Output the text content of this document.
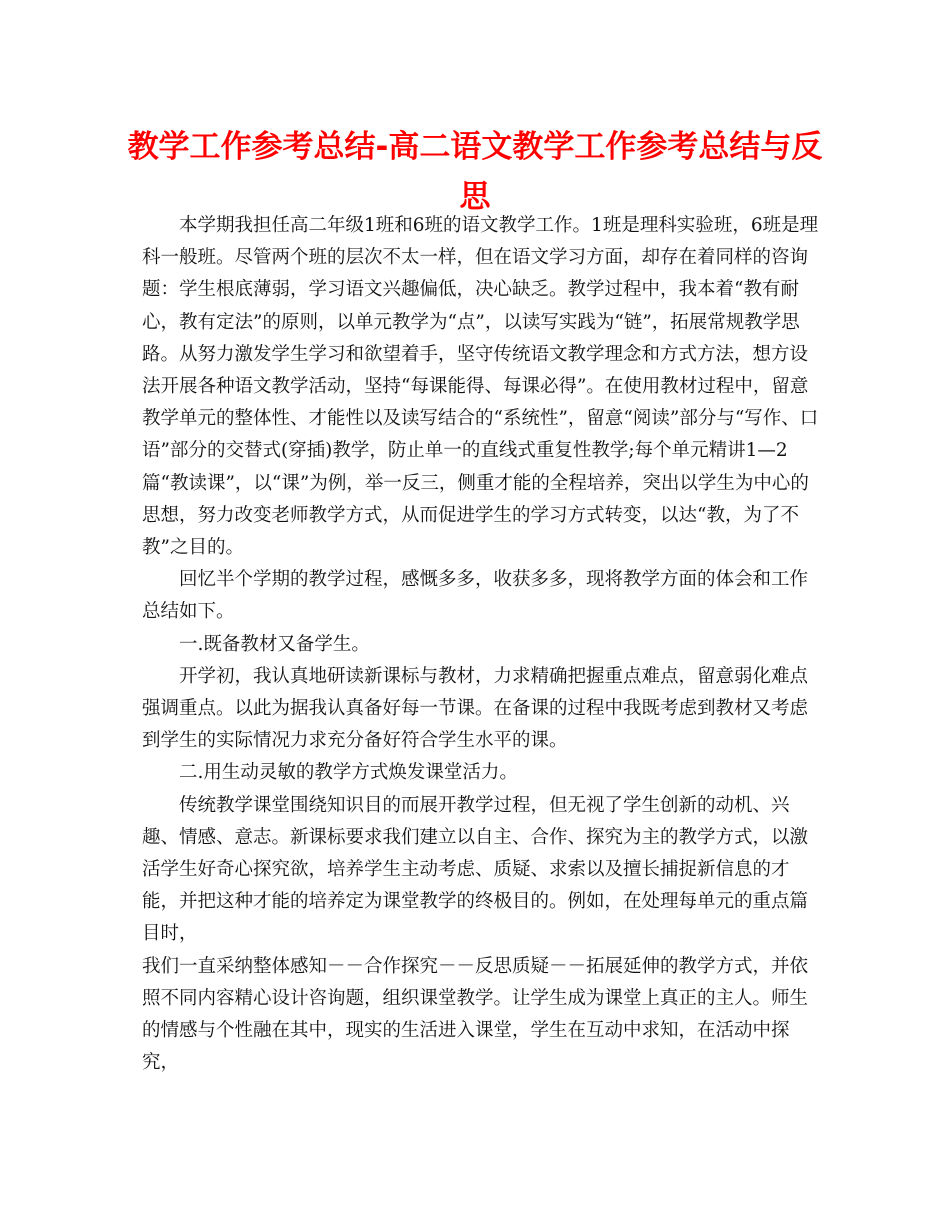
教学工作参考总结-高二语文教学工作参考总结与反思

本学期我担任高二年级1班和6班的语文教学工作。1班是理科实验班，6班是理科一般班。尽管两个班的层次不太一样，但在语文学习方面，却存在着同样的咨询题：学生根底薄弱，学习语文兴趣偏低，决心缺乏。教学过程中，我本着“教有耐心，教有定法”的原则，以单元教学为“点”，以读写实践为“链”，拓展常规教学思路。从努力激发学生学习和欲望着手，坚守传统语文教学理念和方式方法，想方设法开展各种语文教学活动，坚持“每课能得、每课必得”。在使用教材过程中，留意教学单元的整体性、才能性以及读写结合的“系统性”，留意“阅读”部分与“写作、口语”部分的交替式(穿插)教学，防止单一的直线式重复性教学;每个单元精讲1—2篇“教读课”，以“课”为例，举一反三，侧重才能的全程培养，突出以学生为中心的思想，努力改变老师教学方式，从而促进学生的学习方式转变，以达“教，为了不教”之目的。

回忆半个学期的教学过程，感慨多多，收获多多，现将教学方面的体会和工作总结如下。

一.既备教材又备学生。

开学初，我认真地研读新课标与教材，力求精确把握重点难点，留意弱化难点强调重点。以此为据我认真备好每一节课。在备课的过程中我既考虑到教材又考虑到学生的实际情况力求充分备好符合学生水平的课。

二.用生动灵敏的教学方式焕发课堂活力。

传统教学课堂围绕知识目的而展开教学过程，但无视了学生创新的动机、兴趣、情感、意志。新课标要求我们建立以自主、合作、探究为主的教学方式，以激活学生好奇心探究欲，培养学生主动考虑、质疑、求索以及擅长捕捉新信息的才能，并把这种才能的培养定为课堂教学的终极目的。例如，在处理每单元的重点篇目时，

我们一直采纳整体感知－－合作探究－－反思质疑－－拓展延伸的教学方式，并依照不同内容精心设计咨询题，组织课堂教学。让学生成为课堂上真正的主人。师生的情感与个性融在其中，现实的生活进入课堂，学生在互动中求知，在活动中探究，
